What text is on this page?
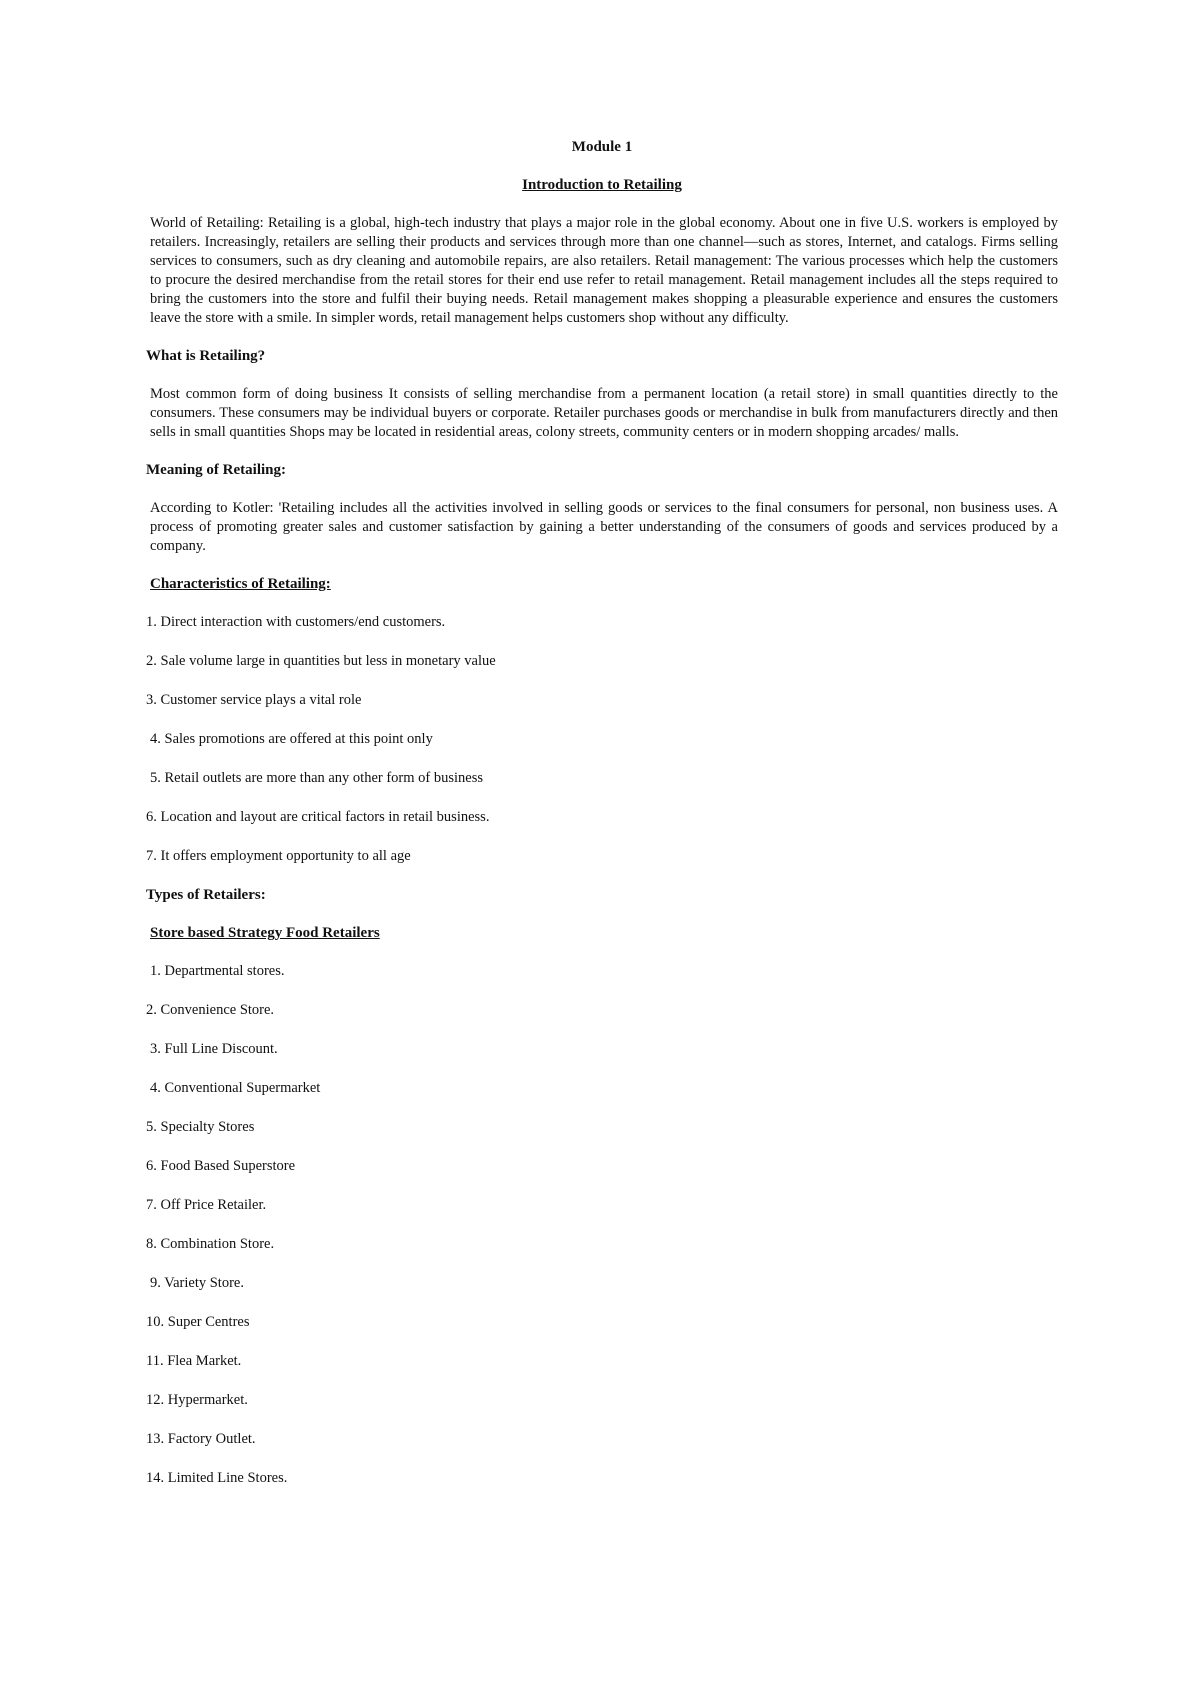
Module 1

Introduction to Retailing

World of Retailing: Retailing is a global, high-tech industry that plays a major role in the global economy. About one in five U.S. workers is employed by retailers. Increasingly, retailers are selling their products and services through more than one channel—such as stores, Internet, and catalogs. Firms selling services to consumers, such as dry cleaning and automobile repairs, are also retailers. Retail management: The various processes which help the customers to procure the desired merchandise from the retail stores for their end use refer to retail management. Retail management includes all the steps required to bring the customers into the store and fulfil their buying needs. Retail management makes shopping a pleasurable experience and ensures the customers leave the store with a smile. In simpler words, retail management helps customers shop without any difficulty.

What is Retailing?

Most common form of doing business It consists of selling merchandise from a permanent location (a retail store) in small quantities directly to the consumers. These consumers may be individual buyers or corporate. Retailer purchases goods or merchandise in bulk from manufacturers directly and then sells in small quantities Shops may be located in residential areas, colony streets, community centers or in modern shopping arcades/ malls.

Meaning of Retailing:

According to Kotler: 'Retailing includes all the activities involved in selling goods or services to the final consumers for personal, non business uses. A process of promoting greater sales and customer satisfaction by gaining a better understanding of the consumers of goods and services produced by a company.

Characteristics of Retailing:

1. Direct interaction with customers/end customers.
2. Sale volume large in quantities but less in monetary value
3. Customer service plays a vital role
4. Sales promotions are offered at this point only
5. Retail outlets are more than any other form of business
6. Location and layout are critical factors in retail business.
7. It offers employment opportunity to all age

Types of Retailers:

Store based Strategy Food Retailers

1. Departmental stores.
2. Convenience Store.
3. Full Line Discount.
4. Conventional Supermarket
5. Specialty Stores
6. Food Based Superstore
7. Off Price Retailer.
8. Combination Store.
9. Variety Store.
10. Super Centres
11. Flea Market.
12. Hypermarket.
13. Factory Outlet.
14. Limited Line Stores.
